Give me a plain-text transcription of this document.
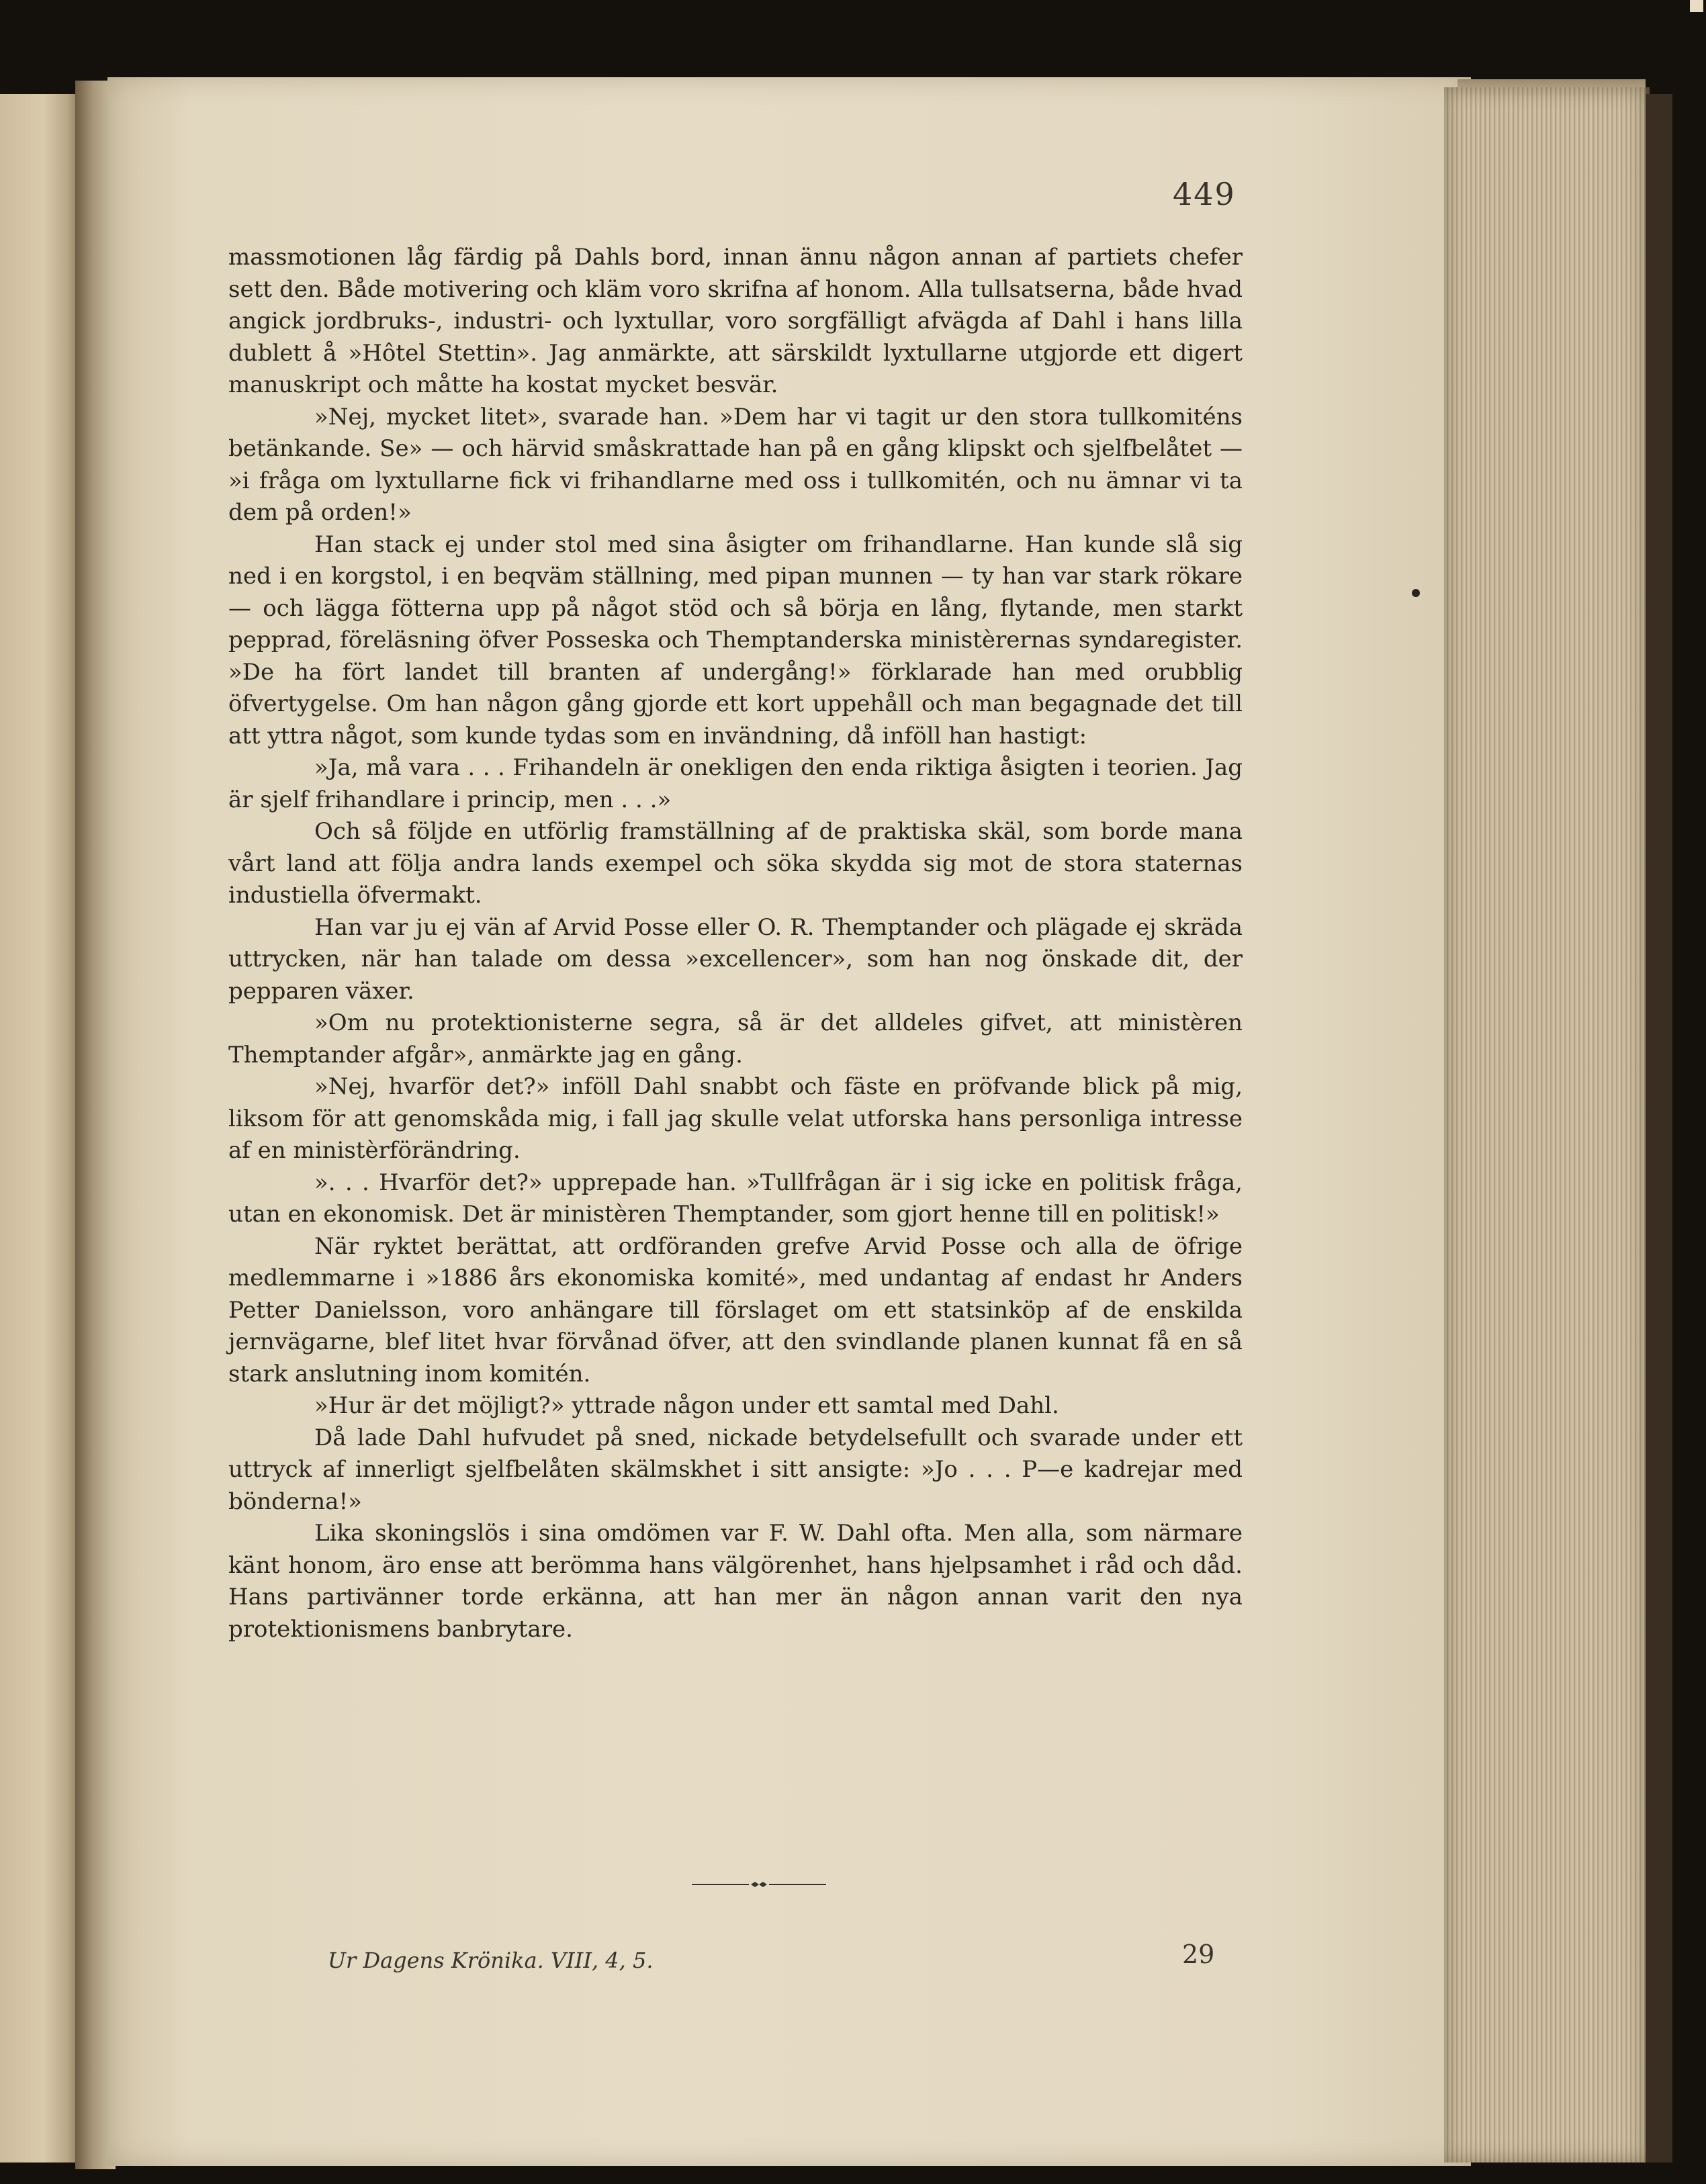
449

massmotionen låg färdig på Dahls bord, innan ännu någon annan af partiets chefer sett den. Både motivering och kläm voro skrifna af honom. Alla tullsatserna, både hvad angick jordbruks-, industri- och lyxtullar, voro sorgfälligt afvägda af Dahl i hans lilla dublett å »Hôtel Stettin». Jag anmärkte, att särskildt lyxtullarne utgjorde ett digert manuskript och måtte ha kostat mycket besvär.

»Nej, mycket litet», svarade han. »Dem har vi tagit ur den stora tullkomiténs betänkande. Se» — och härvid småskrattade han på en gång klipskt och sjelfbelåtet — »i fråga om lyxtullarne fick vi frihandlarne med oss i tullkomitén, och nu ämnar vi ta dem på orden!»

Han stack ej under stol med sina åsigter om frihandlarne. Han kunde slå sig ned i en korgstol, i en beqväm ställning, med pipan munnen — ty han var stark rökare — och lägga fötterna upp på något stöd och så börja en lång, flytande, men starkt pepprad, föreläsning öfver Posseska och Themptanderska ministèrernas syndaregister. »De ha fört landet till branten af undergång!» förklarade han med orubblig öfvertygelse. Om han någon gång gjorde ett kort uppehåll och man begagnade det till att yttra något, som kunde tydas som en invändning, då inföll han hastigt:

»Ja, må vara . . . Frihandeln är onekligen den enda riktiga åsigten i teorien. Jag är sjelf frihandlare i princip, men . . .»

Och så följde en utförlig framställning af de praktiska skäl, som borde mana vårt land att följa andra lands exempel och söka skydda sig mot de stora staternas industiella öfvermakt.

Han var ju ej vän af Arvid Posse eller O. R. Themptander och plägade ej skräda uttrycken, när han talade om dessa »excellencer», som han nog önskade dit, der pepparen växer.

»Om nu protektionisterne segra, så är det alldeles gifvet, att ministèren Themptander afgår», anmärkte jag en gång.

»Nej, hvarför det?» inföll Dahl snabbt och fäste en pröfvande blick på mig, liksom för att genomskåda mig, i fall jag skulle velat utforska hans personliga intresse af en ministèrförändring.

». . . Hvarför det?» upprepade han. »Tullfrågan är i sig icke en politisk fråga, utan en ekonomisk. Det är ministèren Themptander, som gjort henne till en politisk!»

När ryktet berättat, att ordföranden grefve Arvid Posse och alla de öfrige medlemmarne i »1886 års ekonomiska komité», med undantag af endast hr Anders Petter Danielsson, voro anhängare till förslaget om ett statsinköp af de enskilda jernvägarne, blef litet hvar förvånad öfver, att den svindlande planen kunnat få en så stark anslutning inom komitén.

»Hur är det möjligt?» yttrade någon under ett samtal med Dahl.

Då lade Dahl hufvudet på sned, nickade betydelsefullt och svarade under ett uttryck af innerligt sjelfbelåten skälmskhet i sitt ansigte: »Jo . . . P—e kadrejar med bönderna!»

Lika skoningslös i sina omdömen var F. W. Dahl ofta. Men alla, som närmare känt honom, äro ense att berömma hans välgörenhet, hans hjelpsamhet i råd och dåd. Hans partivänner torde erkänna, att han mer än någon annan varit den nya protektionismens banbrytare.

Ur Dagens Krönika. VIII, 4, 5.	29
